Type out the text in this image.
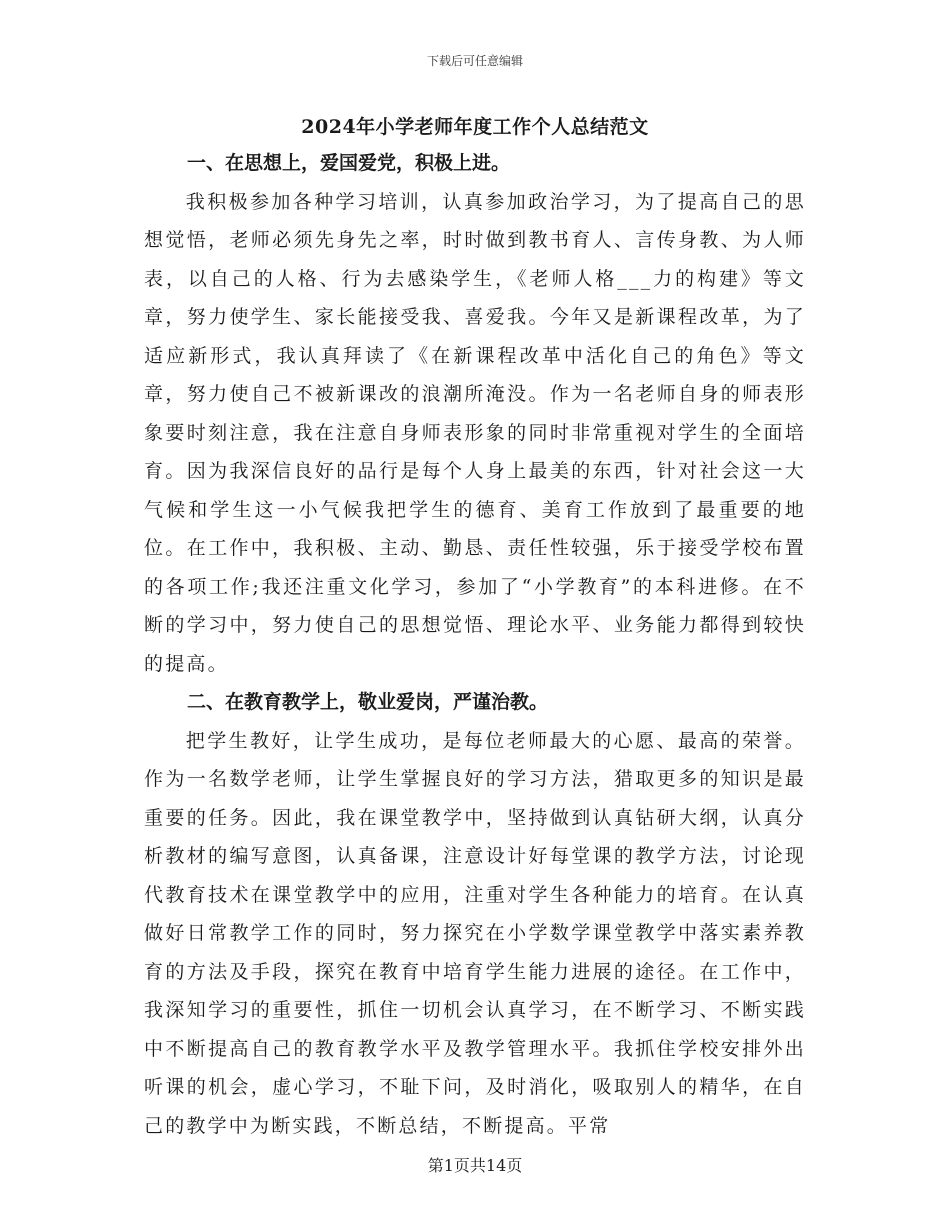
下载后可任意编辑
2024年小学老师年度工作个人总结范文

一、在思想上，爱国爱党，积极上进。

我积极参加各种学习培训，认真参加政治学习，为了提高自己的思想觉悟，老师必须先身先之率，时时做到教书育人、言传身教、为人师表，以自己的人格、行为去感染学生，《老师人格___力的构建》等文章，努力使学生、家长能接受我、喜爱我。今年又是新课程改革，为了适应新形式，我认真拜读了《在新课程改革中活化自己的角色》等文章，努力使自己不被新课改的浪潮所淹没。作为一名老师自身的师表形象要时刻注意，我在注意自身师表形象的同时非常重视对学生的全面培育。因为我深信良好的品行是每个人身上最美的东西，针对社会这一大气候和学生这一小气候我把学生的德育、美育工作放到了最重要的地位。在工作中，我积极、主动、勤恳、责任性较强，乐于接受学校布置的各项工作;我还注重文化学习，参加了“小学教育”的本科进修。在不断的学习中，努力使自己的思想觉悟、理论水平、业务能力都得到较快的提高。

二、在教育教学上，敬业爱岗，严谨治教。

把学生教好，让学生成功，是每位老师最大的心愿、最高的荣誉。作为一名数学老师，让学生掌握良好的学习方法，猎取更多的知识是最重要的任务。因此，我在课堂教学中，坚持做到认真钻研大纲，认真分析教材的编写意图，认真备课，注意设计好每堂课的教学方法，讨论现代教育技术在课堂教学中的应用，注重对学生各种能力的培育。在认真做好日常教学工作的同时，努力探究在小学数学课堂教学中落实素养教育的方法及手段，探究在教育中培育学生能力进展的途径。在工作中，我深知学习的重要性，抓住一切机会认真学习，在不断学习、不断实践中不断提高自己的教育教学水平及教学管理水平。我抓住学校安排外出听课的机会，虚心学习，不耻下问，及时消化，吸取别人的精华，在自己的教学中为断实践，不断总结，不断提高。平常

第1页共14页
